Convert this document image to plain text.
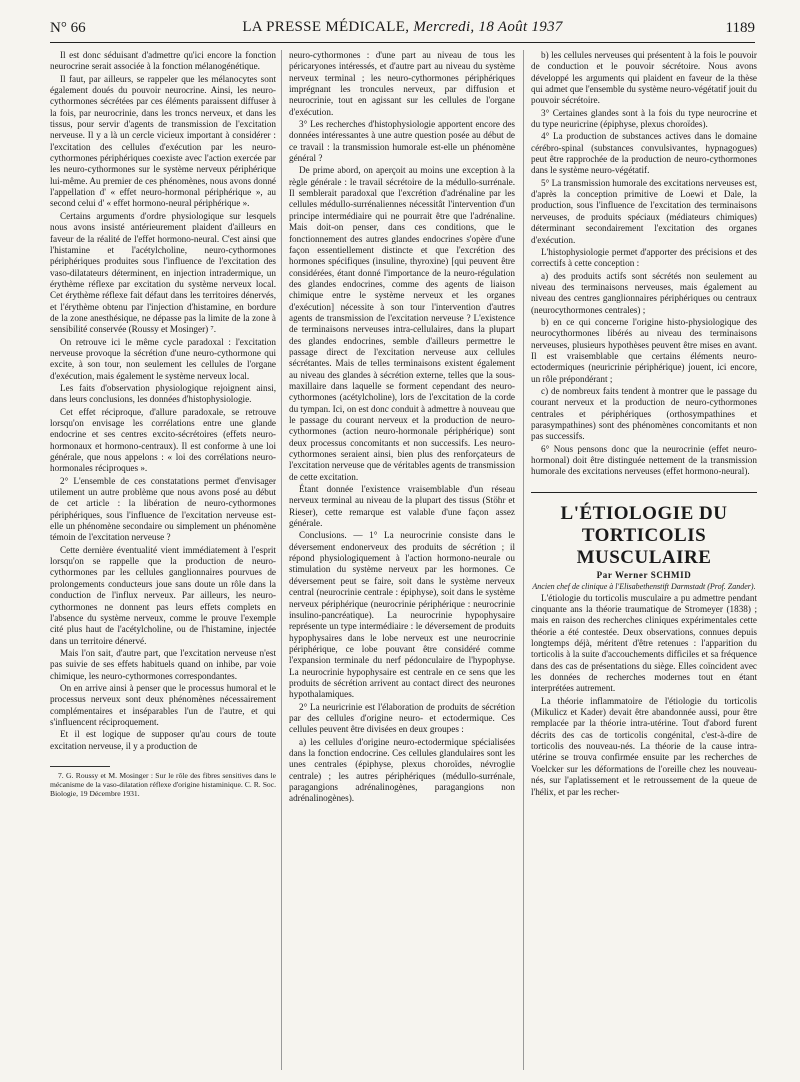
N° 66	LA PRESSE MÉDICALE, Mercredi, 18 Août 1937	1189

Il est donc séduisant d'admettre qu'ici encore la fonction neurocrine serait associée à la fonction mélanogénétique.

Il faut, par ailleurs, se rappeler que les mélanocytes sont également doués du pouvoir neurocrine. Ainsi, les neuro-cythormones sécrétées par ces éléments paraissent diffuser à la fois, par neurocrinie, dans les troncs nerveux, et dans les tissus, pour servir d'agents de transmission de l'excitation nerveuse. Il y a là un cercle vicieux important à considérer : l'excitation des cellules d'exécution par les neuro-cythormones périphériques coexiste avec l'action exercée par les neuro-cythormones sur le système nerveux périphérique lui-même. Au premier de ces phénomènes, nous avons donné l'appellation d' « effet neuro-hormonal périphérique », au second celui d' « effet hormono-neural périphérique ».

Certains arguments d'ordre physiologique sur lesquels nous avons insisté antérieurement plaident d'ailleurs en faveur de la réalité de l'effet hormono-neural. C'est ainsi que l'histamine et l'acétylcholine, neuro-cythormones périphériques produites sous l'influence de l'excitation des vaso-dilatateurs déterminent, en injection intradermique, un érythème réflexe par excitation du système nerveux local. Cet érythème réflexe fait défaut dans les territoires dénervés, et l'érythème obtenu par l'injection d'histamine, en bordure de la zone anesthésique, ne dépasse pas la limite de la zone à sensibilité conservée (Roussy et Mosinger) ⁷.

On retrouve ici le même cycle paradoxal : l'excitation nerveuse provoque la sécrétion d'une neuro-cythormone qui excite, à son tour, non seulement les cellules de l'organe d'exécution, mais également le système nerveux local.

Les faits d'observation physiologique rejoignent ainsi, dans leurs conclusions, les données d'histophysiologie.

Cet effet réciproque, d'allure paradoxale, se retrouve lorsqu'on envisage les corrélations entre une glande endocrine et ses centres excito-sécrétoires (effets neuro-hormonaux et hormono-centraux). Il est conforme à une loi générale, que nous appelons : « loi des corrélations neuro-hormonales réciproques ».

2° L'ensemble de ces constatations permet d'envisager utilement un autre problème que nous avons posé au début de cet article : la libération de neuro-cythormones périphériques, sous l'influence de l'excitation nerveuse est-elle un phénomène secondaire ou simplement un phénomène témoin de l'excitation nerveuse ?

Cette dernière éventualité vient immédiatement à l'esprit lorsqu'on se rappelle que la production de neuro-cythormones par les cellules ganglionnaires pourvues de prolongements conducteurs joue sans doute un rôle dans la conduction de l'influx nerveux. Par ailleurs, les neuro-cythormones ne donnent pas leurs effets complets en l'absence du système nerveux, comme le prouve l'exemple cité plus haut de l'acétylcholine, ou de l'histamine, injectée dans un territoire dénervé.

Mais l'on sait, d'autre part, que l'excitation nerveuse n'est pas suivie de ses effets habituels quand on inhibe, par voie chimique, les neuro-cythormones correspondantes.

On en arrive ainsi à penser que le processus humoral et le processus nerveux sont deux phénomènes nécessairement complémentaires et inséparables l'un de l'autre, et qui s'influencent réciproquement.

Et il est logique de supposer qu'au cours de toute excitation nerveuse, il y a production de

7. G. Roussy et M. Mosinger : Sur le rôle des fibres sensitives dans le mécanisme de la vaso-dilatation réflexe d'origine histaminique. C. R. Soc. Biologie, 19 Décembre 1931.

neuro-cythormones : d'une part au niveau de tous les péricaryones intéressés, et d'autre part au niveau du système nerveux terminal ; les neuro-cythormones périphériques imprégnant les troncules nerveux, par diffusion et neurocrinie, tout en agissant sur les cellules de l'organe d'exécution.

3° Les recherches d'histophysiologie apportent encore des données intéressantes à une autre question posée au début de ce travail : la transmission humorale est-elle un phénomène général ?

De prime abord, on aperçoit au moins une exception à la règle générale : le travail sécrétoire de la médullo-surrénale. Il semblerait paradoxal que l'excrétion d'adrénaline par les cellules médullo-surrénaliennes nécessitât l'intervention d'un principe intermédiaire qui ne pourrait être que l'adrénaline. Mais doit-on penser, dans ces conditions, que le fonctionnement des autres glandes endocrines s'opère d'une façon essentiellement distincte et que l'excrétion des hormones spécifiques (insuline, thyroxine) [qui peuvent être considérées, étant donné l'importance de la neuro-régulation des glandes endocrines, comme des agents de liaison chimique entre le système nerveux et les organes d'exécution] nécessite à son tour l'intervention d'autres agents de transmission de l'excitation nerveuse ? L'existence de terminaisons nerveuses intra-cellulaires, dans la plupart des glandes endocrines, semble d'ailleurs permettre le passage direct de l'excitation nerveuse aux cellules sécrétantes. Mais de telles terminaisons existent également au niveau des glandes à sécrétion externe, telles que la sous-maxillaire dans laquelle se forment cependant des neuro-cythormones (acétylcholine), lors de l'excitation de la corde du tympan. Ici, on est donc conduit à admettre à nouveau que le passage du courant nerveux et la production de neuro-cythormones (action neuro-hormonale périphérique) sont deux processus concomitants et non successifs. Les neuro-cythormones seraient ainsi, bien plus des renforçateurs de l'excitation nerveuse que de véritables agents de transmission de cette excitation.

Étant donnée l'existence vraisemblable d'un réseau nerveux terminal au niveau de la plupart des tissus (Stöhr et Rieser), cette remarque est valable d'une façon assez générale.

Conclusions. — 1° La neurocrinie consiste dans le déversement endonerveux des produits de sécrétion ; il répond physiologiquement à l'action hormono-neurale ou stimulation du système nerveux par les hormones. Ce déversement peut se faire, soit dans le système nerveux central (neurocrinie centrale : épiphyse), soit dans le système nerveux périphérique (neurocrinie périphérique : neurocrinie insulino-pancréatique). La neurocrinie hypophysaire représente un type intermédiaire : le déversement de produits hypophysaires dans le lobe nerveux est une neurocrinie périphérique, ce lobe pouvant être considéré comme l'expansion terminale du nerf pédonculaire de l'hypophyse. La neurocrinie hypophysaire est centrale en ce sens que les produits de sécrétion arrivent au contact direct des neurones hypothalamiques.

2° La neuricrinie est l'élaboration de produits de sécrétion par des cellules d'origine neuro- et ectodermique. Ces cellules peuvent être divisées en deux groupes :

a) les cellules d'origine neuro-ectodermique spécialisées dans la fonction endocrine. Ces cellules glandulaires sont les unes centrales (épiphyse, plexus choroïdes, névroglie centrale) ; les autres périphériques (médullo-surrénale, paragangions adrénalinogènes, paragangions non adrénalinogènes).

b) les cellules nerveuses qui présentent à la fois le pouvoir de conduction et le pouvoir sécrétoire. Nous avons développé les arguments qui plaident en faveur de la thèse qui admet que l'ensemble du système neuro-végétatif jouit du pouvoir sécrétoire.

3° Certaines glandes sont à la fois du type neurocrine et du type neuricrine (épiphyse, plexus choroïdes).

4° La production de substances actives dans le domaine cérébro-spinal (substances convulsivantes, hypnagogues) peut être rapprochée de la production de neuro-cythormones dans le système neuro-végétatif.

5° La transmission humorale des excitations nerveuses est, d'après la conception primitive de Loewi et Dale, la production, sous l'influence de l'excitation des terminaisons nerveuses, de produits spéciaux (médiateurs chimiques) déterminant secondairement l'excitation des organes d'exécution.

L'histophysiologie permet d'apporter des précisions et des correctifs à cette conception :

a) des produits actifs sont sécrétés non seulement au niveau des terminaisons nerveuses, mais également au niveau des centres ganglionnaires périphériques ou centraux (neurocythormones centrales) ;

b) en ce qui concerne l'origine histo-physiologique des neurocythormones libérés au niveau des terminaisons nerveuses, plusieurs hypothèses peuvent être mises en avant. Il est vraisemblable que certains éléments neuro-ectodermiques (neuricrinie périphérique) jouent, ici encore, un rôle prépondérant ;

c) de nombreux faits tendent à montrer que le passage du courant nerveux et la production de neuro-cythormones centrales et périphériques (orthosympathines et parasympathines) sont des phénomènes concomitants et non pas successifs.

6° Nous pensons donc que la neurocrinie (effet neuro-hormonal) doit être distinguée nettement de la transmission humorale des excitations nerveuses (effet hormono-neural).

L'ÉTIOLOGIE DU TORTICOLIS MUSCULAIRE

Par Werner SCHMID

Ancien chef de clinique à l'Elisabethenstift Darmstadt (Prof. Zander).

L'étiologie du torticolis musculaire a pu admettre pendant cinquante ans la théorie traumatique de Stromeyer (1838) ; mais en raison des recherches cliniques expérimentales cette théorie a été contestée. Deux observations, connues depuis longtemps déjà, méritent d'être retenues : l'apparition du torticolis à la suite d'accouchements difficiles et sa fréquence dans des cas de présentations du siège. Elles coïncident avec les données de recherches modernes tout en étant interprétées autrement.

La théorie inflammatoire de l'étiologie du torticolis (Mikulicz et Kader) devait être abandonnée aussi, pour être remplacée par la théorie intra-utérine. Tout d'abord furent décrits des cas de torticolis congénital, c'est-à-dire de torticolis des nouveau-nés. La théorie de la cause intra-utérine se trouva confirmée ensuite par les recherches de Voelcker sur les déformations de l'oreille chez les nouveau-nés, sur l'aplatissement et le retroussement de la queue de l'hélix, et par les recher-
